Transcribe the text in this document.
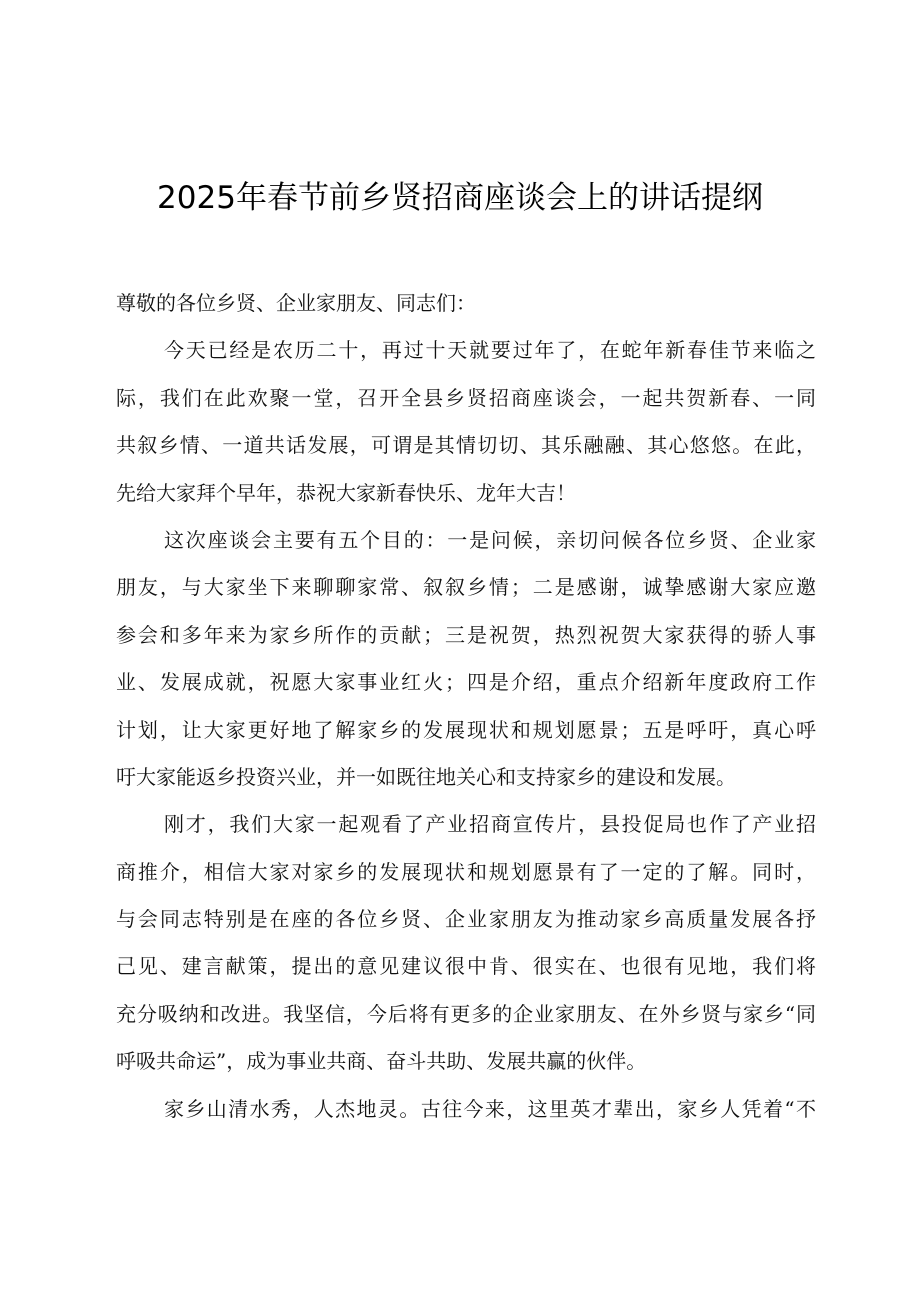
2025年春节前乡贤招商座谈会上的讲话提纲
尊敬的各位乡贤、企业家朋友、同志们：
今天已经是农历二十，再过十天就要过年了，在蛇年新春佳节来临之
际，我们在此欢聚一堂，召开全县乡贤招商座谈会，一起共贺新春、一同
共叙乡情、一道共话发展，可谓是其情切切、其乐融融、其心悠悠。在此，
先给大家拜个早年，恭祝大家新春快乐、龙年大吉！
这次座谈会主要有五个目的：一是问候，亲切问候各位乡贤、企业家
朋友，与大家坐下来聊聊家常、叙叙乡情；二是感谢，诚挚感谢大家应邀
参会和多年来为家乡所作的贡献；三是祝贺，热烈祝贺大家获得的骄人事
业、发展成就，祝愿大家事业红火；四是介绍，重点介绍新年度政府工作
计划，让大家更好地了解家乡的发展现状和规划愿景；五是呼吁，真心呼
吁大家能返乡投资兴业，并一如既往地关心和支持家乡的建设和发展。
刚才，我们大家一起观看了产业招商宣传片，县投促局也作了产业招
商推介，相信大家对家乡的发展现状和规划愿景有了一定的了解。同时，
与会同志特别是在座的各位乡贤、企业家朋友为推动家乡高质量发展各抒
己见、建言献策，提出的意见建议很中肯、很实在、也很有见地，我们将
充分吸纳和改进。我坚信，今后将有更多的企业家朋友、在外乡贤与家乡“同
呼吸共命运”，成为事业共商、奋斗共助、发展共赢的伙伴。
家乡山清水秀，人杰地灵。古往今来，这里英才辈出，家乡人凭着“不
